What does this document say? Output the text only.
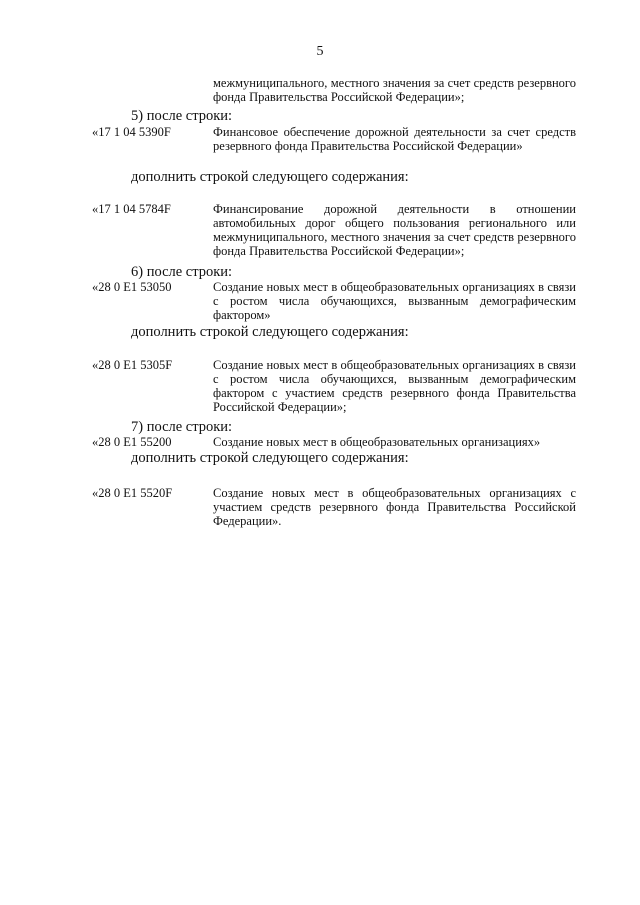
5
межмуниципального, местного значения за счет средств резервного фонда Правительства Российской Федерации»;
5) после строки:
«17 1 04 5390F	Финансовое обеспечение дорожной деятельности за счет средств резервного фонда Правительства Российской Федерации»
дополнить строкой следующего содержания:
«17 1 04 5784F	Финансирование дорожной деятельности в отношении автомобильных дорог общего пользования регионального или межмуниципального, местного значения за счет средств резервного фонда Правительства Российской Федерации»;
6) после строки:
«28 0 E1 53050	Создание новых мест в общеобразовательных организациях в связи с ростом числа обучающихся, вызванным демографическим фактором»
дополнить строкой следующего содержания:
«28 0 E1 5305F	Создание новых мест в общеобразовательных организациях в связи с ростом числа обучающихся, вызванным демографическим фактором с участием средств резервного фонда Правительства Российской Федерации»;
7) после строки:
«28 0 E1 55200	Создание новых мест в общеобразовательных организациях»
дополнить строкой следующего содержания:
«28 0 E1 5520F	Создание новых мест в общеобразовательных организациях с участием средств резервного фонда Правительства Российской Федерации».
